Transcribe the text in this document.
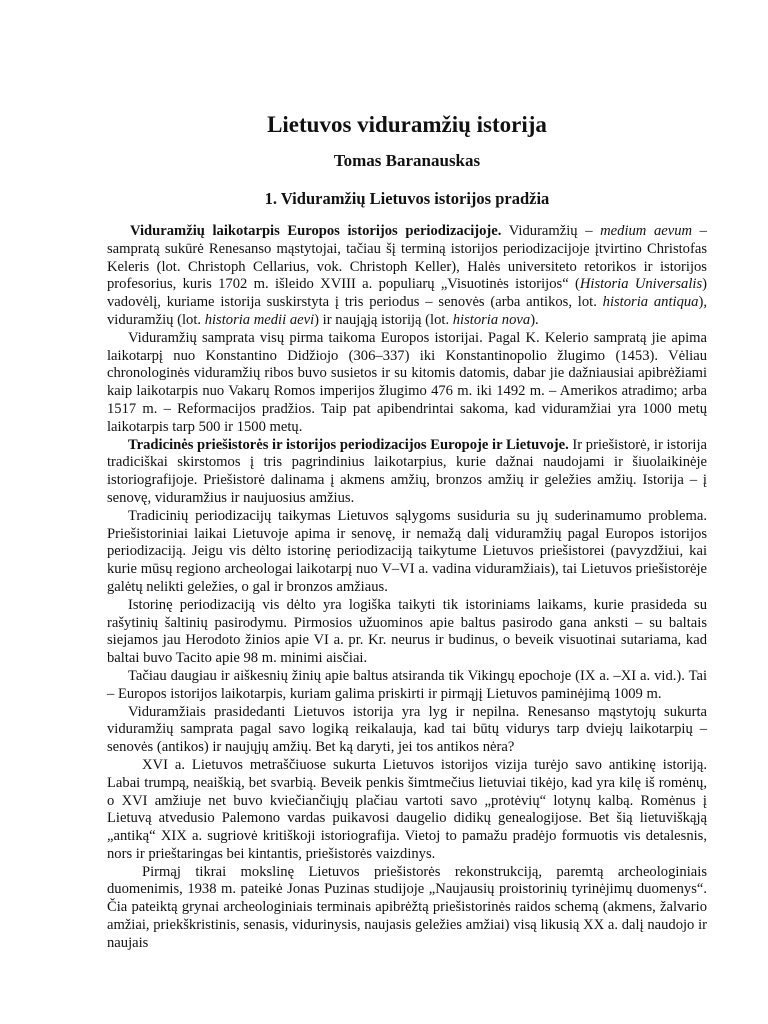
Lietuvos viduramžių istorija
Tomas Baranauskas
1. Viduramžių Lietuvos istorijos pradžia

Viduramžių laikotarpis Europos istorijos periodizacijoje. Viduramžių – medium aevum – sampratą sukūrė Renesanso mąstytojai, tačiau šį terminą istorijos periodizacijoje įtvirtino Christofas Keleris (lot. Christoph Cellarius, vok. Christoph Keller), Halės universiteto retorikos ir istorijos profesorius, kuris 1702 m. išleido XVIII a. populiarų „Visuotinės istorijos“ (Historia Universalis) vadovėlį, kuriame istorija suskirstyta į tris periodus – senovės (arba antikos, lot. historia antiqua), viduramžių (lot. historia medii aevi) ir naująją istoriją (lot. historia nova).

Viduramžių samprata visų pirma taikoma Europos istorijai. Pagal K. Kelerio sampratą jie apima laikotarpį nuo Konstantino Didžiojo (306–337) iki Konstantinopolio žlugimo (1453). Vėliau chronologinės viduramžių ribos buvo susietos ir su kitomis datomis, dabar jie dažniausiai apibrėžiami kaip laikotarpis nuo Vakarų Romos imperijos žlugimo 476 m. iki 1492 m. – Amerikos atradimo; arba 1517 m. – Reformacijos pradžios. Taip pat apibendrintai sakoma, kad viduramžiai yra 1000 metų laikotarpis tarp 500 ir 1500 metų.

Tradicinės priešistorės ir istorijos periodizacijos Europoje ir Lietuvoje. Ir priešistorė, ir istorija tradiciškai skirstomos į tris pagrindinius laikotarpius, kurie dažnai naudojami ir šiuolaikinėje istoriografijoje. Priešistorė dalinama į akmens amžių, bronzos amžių ir geležies amžių. Istorija – į senovę, viduramžius ir naujuosius amžius.

Tradicinių periodizacijų taikymas Lietuvos sąlygoms susiduria su jų suderinamumo problema. Priešistoriniai laikai Lietuvoje apima ir senovę, ir nemažą dalį viduramžių pagal Europos istorijos periodizaciją. Jeigu vis dėlto istorinę periodizaciją taikytume Lietuvos priešistorei (pavyzdžiui, kai kurie mūsų regiono archeologai laikotarpį nuo V–VI a. vadina viduramžiais), tai Lietuvos priešistorėje galėtų nelikti geležies, o gal ir bronzos amžiaus.

Istorinę periodizaciją vis dėlto yra logiška taikyti tik istoriniams laikams, kurie prasideda su rašytinių šaltinių pasirodymu. Pirmosios užuominos apie baltus pasirodo gana anksti – su baltais siejamos jau Herodoto žinios apie VI a. pr. Kr. neurus ir budinus, o beveik visuotinai sutariama, kad baltai buvo Tacito apie 98 m. minimi aisčiai.

Tačiau daugiau ir aiškesnių žinių apie baltus atsiranda tik Vikingų epochoje (IX a. –XI a. vid.). Tai – Europos istorijos laikotarpis, kuriam galima priskirti ir pirmąjį Lietuvos paminėjimą 1009 m.

Viduramžiais prasidedanti Lietuvos istorija yra lyg ir nepilna. Renesanso mąstytojų sukurta viduramžių samprata pagal savo logiką reikalauja, kad tai būtų vidurys tarp dviejų laikotarpių – senovės (antikos) ir naujųjų amžių. Bet ką daryti, jei tos antikos nėra?

XVI a. Lietuvos metraščiuose sukurta Lietuvos istorijos vizija turėjo savo antikinę istoriją. Labai trumpą, neaiškią, bet svarbią. Beveik penkis šimtmečius lietuviai tikėjo, kad yra kilę iš romėnų, o XVI amžiuje net buvo kviečiančiųjų plačiau vartoti savo „protėvių“ lotynų kalbą. Romėnus į Lietuvą atvedusio Palemono vardas puikavosi daugelio didikų genealogijose. Bet šią lietuviškąją „antiką“ XIX a. sugriovė kritiškoji istoriografija. Vietoj to pamažu pradėjo formuotis vis detalesnis, nors ir prieštaringas bei kintantis, priešistorės vaizdinys.

Pirmąj tikrai mokslinę Lietuvos priešistorės rekonstrukciją, paremtą archeologiniais duomenimis, 1938 m. pateikė Jonas Puzinas studijoje „Naujausių proistorinių tyrinėjimų duomenys“. Čia pateiktą grynai archeologiniais terminais apibrėžtą priešistorinės raidos schemą (akmens, žalvario amžiai, priekškristinis, senasis, vidurinysis, naujasis geležies amžiai) visą likusią XX a. dalį naudojo ir naujais
